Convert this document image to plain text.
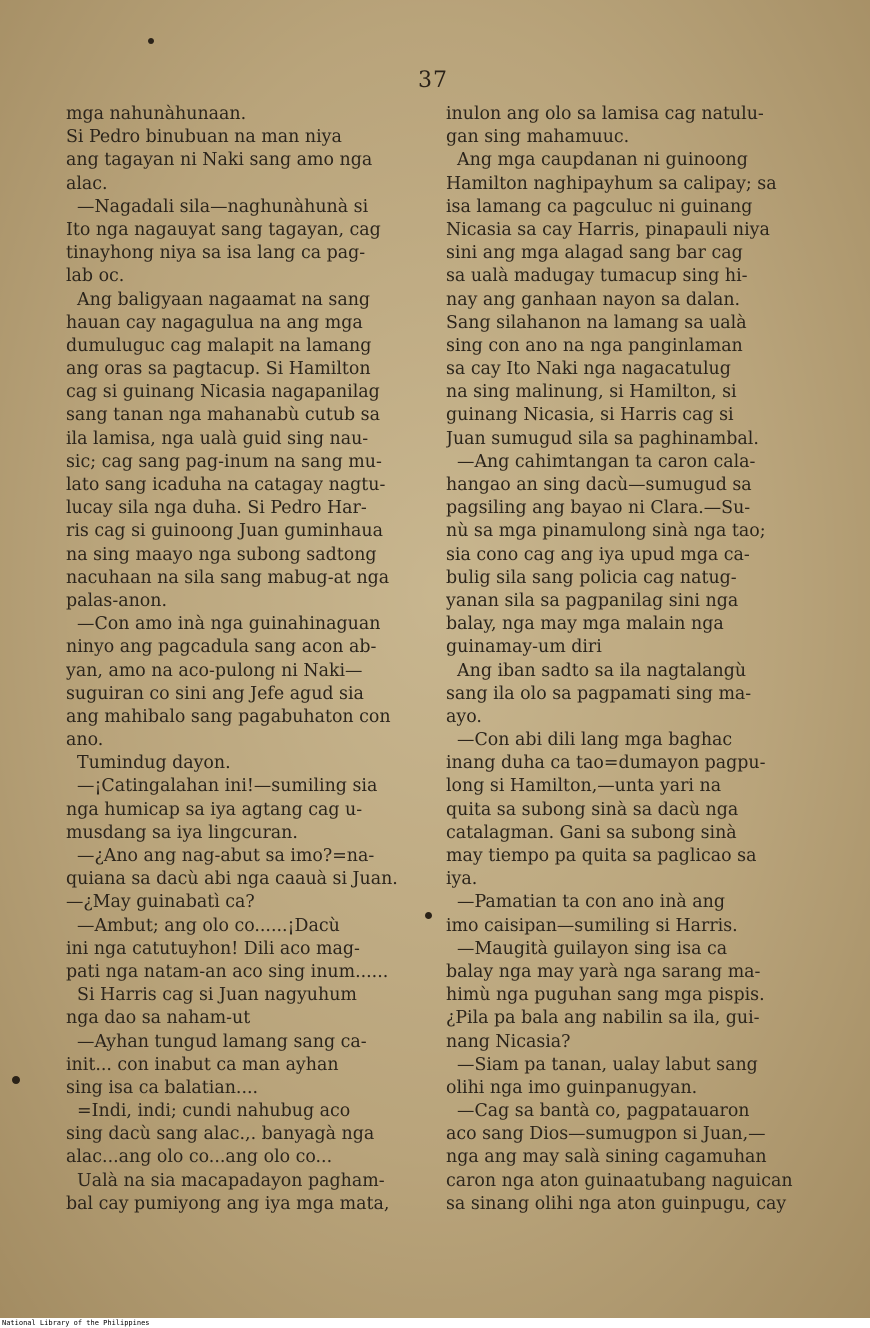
37
mga nahunàhunaan.
Si Pedro binubuan na man niya
ang tagayan ni Naki sang amo nga
alac.
—Nagadali sila—naghunàhunà si
Ito nga nagauyat sang tagayan, cag
tinayhong niya sa isa lang ca pag-
lab oc.
Ang baligyaan nagaamat na sang
hauan cay nagagulua na ang mga
dumuluguc cag malapit na lamang
ang oras sa pagtacup. Si Hamilton
cag si guinang Nicasia nagapanilag
sang tanan nga mahanabù cutub sa
ila lamisa, nga ualà guid sing nau-
sic; cag sang pag-inum na sang mu-
lato sang icaduha na catagay nagtu-
lucay sila nga duha. Si Pedro Har-
ris cag si guinoong Juan guminhaua
na sing maayo nga subong sadtong
nacuhaan na sila sang mabug-at nga
palas-anon.
—Con amo inà nga guinahinaguan
ninyo ang pagcadula sang acon ab-
yan, amo na aco-pulong ni Naki—
suguiran co sini ang Jefe agud sia
ang mahibalo sang pagabuhaton con
ano.
Tumindug dayon.
—¡Catingalahan ini!—sumiling sia
nga humicap sa iya agtang cag u-
musdang sa iya lingcuran.
—¿Ano ang nag-abut sa imo?=na-
quiana sa dacù abi nga caauà si Juan.
—¿May guinabatì ca?
—Ambut; ang olo co......¡Dacù
ini nga catutuyhon! Dili aco mag-
pati nga natam-an aco sing inum......
Si Harris cag si Juan nagyuhum
nga dao sa naham-ut
—Ayhan tungud lamang sang ca-
init... con inabut ca man ayhan
sing isa ca balatian....
=Indi, indi; cundi nahubug aco
sing dacù sang alac.,. banyagà nga
alac...ang olo co...ang olo co...
Ualà na sia macapadayon pagham-
bal cay pumiyong ang iya mga mata,
inulon ang olo sa lamisa cag natulu-
gan sing mahamuuc.
Ang mga caupdanan ni guinoong
Hamilton naghipayhum sa calipay; sa
isa lamang ca pagculuc ni guinang
Nicasia sa cay Harris, pinapauli niya
sini ang mga alagad sang bar cag
sa ualà madugay tumacup sing hi-
nay ang ganhaan nayon sa dalan.
Sang silahanon na lamang sa ualà
sing con ano na nga panginlaman
sa cay Ito Naki nga nagacatulug
na sing malinung, si Hamilton, si
guinang Nicasia, si Harris cag si
Juan sumugud sila sa paghinambal.
—Ang cahimtangan ta caron cala-
hangao an sing dacù—sumugud sa
pagsiling ang bayao ni Clara.—Su-
nù sa mga pinamulong sinà nga tao;
sia cono cag ang iya upud mga ca-
bulig sila sang policia cag natug-
yanan sila sa pagpanilag sini nga
balay, nga may mga malain nga
guinamay-um diri
Ang iban sadto sa ila nagtalangù
sang ila olo sa pagpamati sing ma-
ayo.
—Con abi dili lang mga baghac
inang duha ca tao=dumayon pagpu-
long si Hamilton,—unta yari na
quita sa subong sinà sa dacù nga
catalagman. Gani sa subong sinà
may tiempo pa quita sa paglicao sa
iya.
—Pamatian ta con ano inà ang
imo caisipan—sumiling si Harris.
—Maugità guilayon sing isa ca
balay nga may yarà nga sarang ma-
himù nga puguhan sang mga pispis.
¿Pila pa bala ang nabilin sa ila, gui-
nang Nicasia?
—Siam pa tanan, ualay labut sang
olihi nga imo guinpanugyan.
—Cag sa bantà co, pagpatauaron
aco sang Dios—sumugpon si Juan,—
nga ang may salà sining cagamuhan
caron nga aton guinaatubang naguican
sa sinang olihi nga aton guinpugu, cay
National Library of the Philippines
